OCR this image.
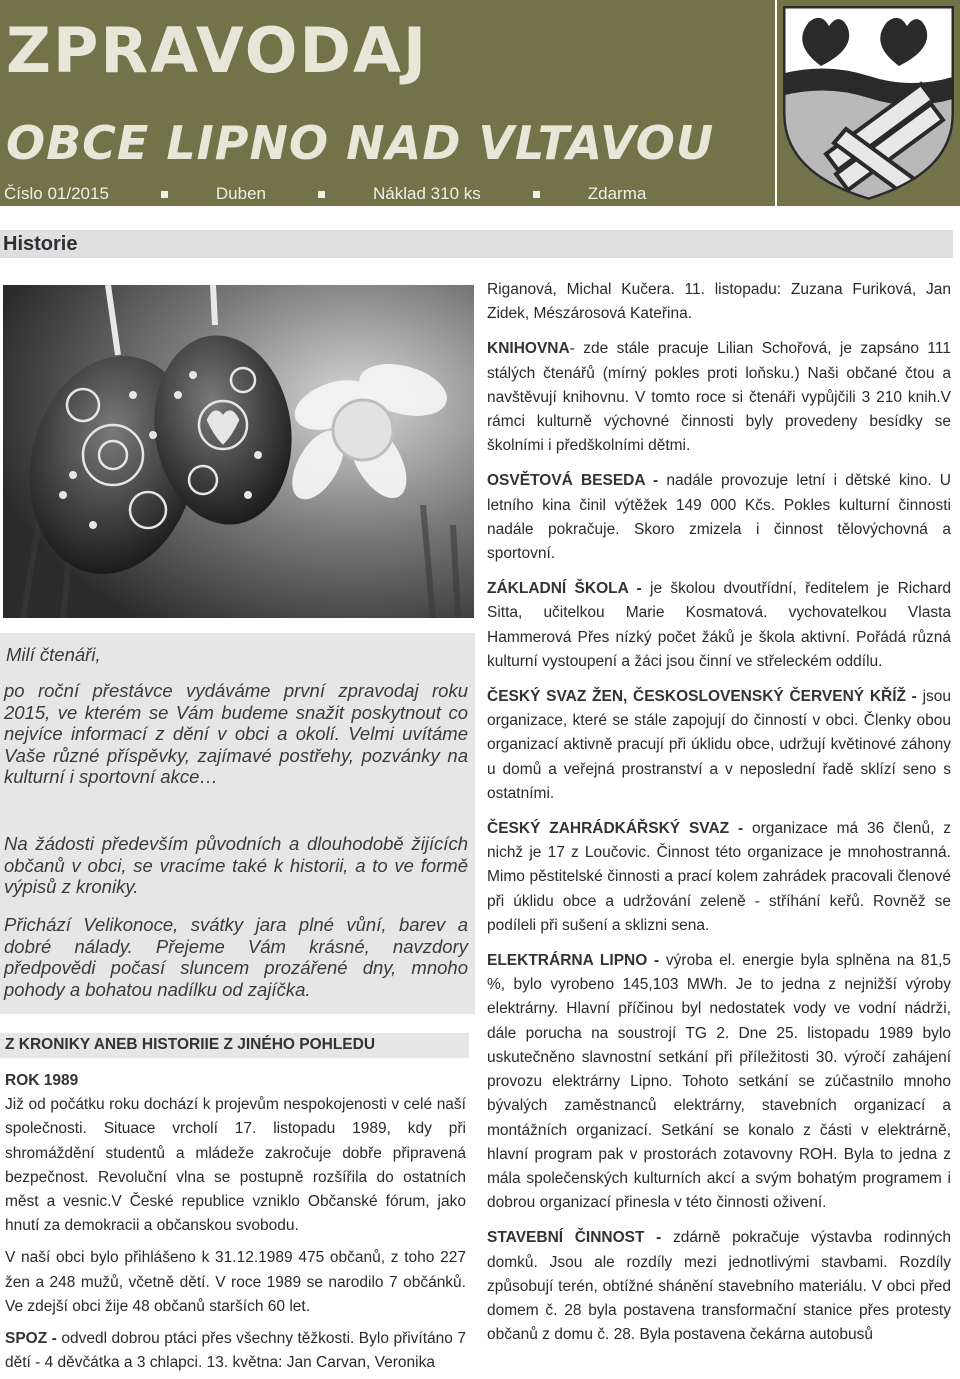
ZPRAVODAJ
OBCE LIPNO NAD VLTAVOU
Číslo 01/2015	Duben	Náklad 310 ks	Zdarma
Historie

Milí čtenáři,

po roční přestávce vydáváme první zpravodaj roku 2015, ve kterém se Vám budeme snažit poskytnout co nejvíce informací z dění v obci a okolí. Velmi uvítáme Vaše různé příspěvky, zajímavé postřehy, pozvánky na kulturní i sportovní akce…

Na žádosti především původních a dlouhodobě žijících občanů v obci, se vracíme také k historii, a to ve formě výpisů z kroniky.

Přichází Velikonoce, svátky jara plné vůní, barev a dobré nálady. Přejeme Vám krásné, navzdory předpovědi počasí sluncem prozářené dny, mnoho pohody a bohatou nadílku od zajíčka.

Z KRONIKY ANEB HISTORIIE Z JINÉHO POHLEDU

ROK 1989

Již od počátku roku dochází k projevům nespokojenosti v celé naší společnosti. Situace vrcholí 17. listopadu 1989, kdy při shromáždění studentů a mládeže zakročuje dobře připravená bezpečnost. Revoluční vlna se postupně rozšířila do ostatních měst a vesnic.V České republice vzniklo Občanské fórum, jako hnutí za demokracii a občanskou svobodu.

V naší obci bylo přihlášeno k 31.12.1989 475 občanů, z toho 227 žen a 248 mužů, včetně dětí. V roce 1989 se narodilo 7 občánků. Ve zdejší obci žije 48 občanů starších 60 let.

SPOZ - odvedl dobrou ptáci přes všechny těžkosti. Bylo přivítáno 7 dětí - 4 děvčátka a 3 chlapci. 13. května: Jan Carvan, Veronika

Riganová, Michal Kučera. 11. listopadu: Zuzana Furiková, Jan Zidek, Mészárosová Kateřina.

KNIHOVNA- zde stále pracuje Lilian Schořová, je zapsáno 111 stálých čtenářů (mírný pokles proti loňsku.) Naši občané čtou a navštěvují knihovnu. V tomto roce si čtenáři vypůjčili 3 210 knih.V rámci kulturně výchovné činnosti byly provedeny besídky se školními i předškolními dětmi.

OSVĚTOVÁ BESEDA - nadále provozuje letní i dětské kino. U letního kina činil výtěžek 149 000 Kčs. Pokles kulturní činnosti nadále pokračuje. Skoro zmizela i činnost tělovýchovná a sportovní.

ZÁKLADNÍ ŠKOLA - je školou dvoutřídní, ředitelem je Richard Sitta, učitelkou Marie Kosmatová. vychovatelkou Vlasta Hammerová Přes nízký počet žáků je škola aktivní. Pořádá různá kulturní vystoupení a žáci jsou činní ve střeleckém oddílu.

ČESKÝ SVAZ ŽEN, ČESKOSLOVENSKÝ ČERVENÝ KŘÍŽ - jsou organizace, které se stále zapojují do činností v obci. Členky obou organizací aktivně pracují při úklidu obce, udržují květinové záhony u domů a veřejná prostranství a v neposlední řadě sklízí seno s ostatními.

ČESKÝ ZAHRÁDKÁŘSKÝ SVAZ - organizace má 36 členů, z nichž je 17 z Loučovic. Činnost této organizace je mnohostranná. Mimo pěstitelské činnosti a prací kolem zahrádek pracovali členové při úklidu obce a udržování zeleně - stříhání keřů. Rovněž se podíleli při sušení a sklizni sena.

ELEKTRÁRNA LIPNO - výroba el. energie byla splněna na 81,5 %, bylo vyrobeno 145,103 MWh. Je to jedna z nejnižší výroby elektrárny. Hlavní příčinou byl nedostatek vody ve vodní nádrži, dále porucha na soustrojí TG 2. Dne 25. listopadu 1989 bylo uskutečněno slavnostní setkání při příležitosti 30. výročí zahájení provozu elektrárny Lipno. Tohoto setkání se zúčastnilo mnoho bývalých zaměstnanců elektrárny, stavebních organizací a montážních organizací. Setkání se konalo z části v elektrárně, hlavní program pak v prostorách zotavovny ROH. Byla to jedna z mála společenských kulturních akcí a svým bohatým programem i dobrou organizací přinesla v této činnosti oživení.

STAVEBNÍ ČINNOST - zdárně pokračuje výstavba rodinných domků. Jsou ale rozdíly mezi jednotlivými stavbami. Rozdíly způsobují terén, obtížné shánění stavebního materiálu. V obci před domem č. 28 byla postavena transformační stanice přes protesty občanů z domu č. 28. Byla postavena čekárna autobusů
